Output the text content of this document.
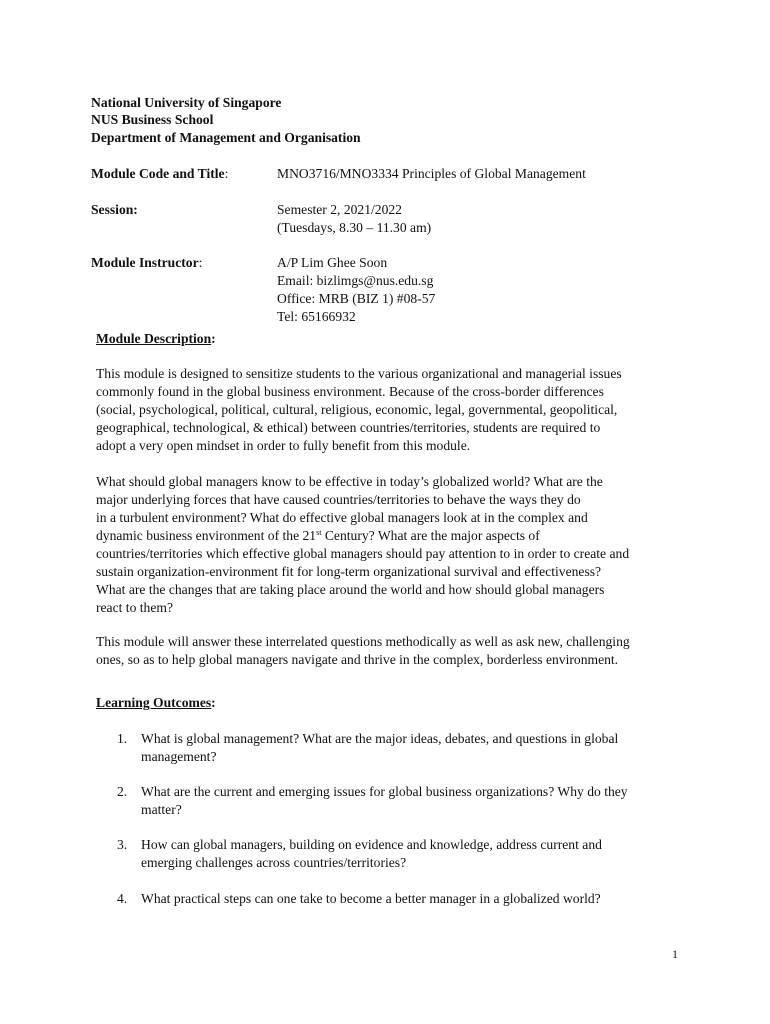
National University of Singapore
NUS Business School
Department of Management and Organisation
Module Code and Title:	MNO3716/MNO3334 Principles of Global Management
Session:	Semester 2, 2021/2022
(Tuesdays, 8.30 – 11.30 am)
Module Instructor:	A/P Lim Ghee Soon
Email: bizlimgs@nus.edu.sg
Office: MRB (BIZ 1) #08-57
Tel: 65166932
Module Description:
This module is designed to sensitize students to the various organizational and managerial issues
commonly found in the global business environment. Because of the cross-border differences
(social, psychological, political, cultural, religious, economic, legal, governmental, geopolitical,
geographical, technological, & ethical) between countries/territories, students are required to
adopt a very open mindset in order to fully benefit from this module.
What should global managers know to be effective in today’s globalized world? What are the
major underlying forces that have caused countries/territories to behave the ways they do
in a turbulent environment? What do effective global managers look at in the complex and
dynamic business environment of the 21st Century? What are the major aspects of
countries/territories which effective global managers should pay attention to in order to create and
sustain organization-environment fit for long-term organizational survival and effectiveness?
What are the changes that are taking place around the world and how should global managers
react to them?
This module will answer these interrelated questions methodically as well as ask new, challenging
ones, so as to help global managers navigate and thrive in the complex, borderless environment.
Learning Outcomes:
1. What is global management? What are the major ideas, debates, and questions in global
management?
2. What are the current and emerging issues for global business organizations? Why do they
matter?
3. How can global managers, building on evidence and knowledge, address current and
emerging challenges across countries/territories?
4. What practical steps can one take to become a better manager in a globalized world?
1
